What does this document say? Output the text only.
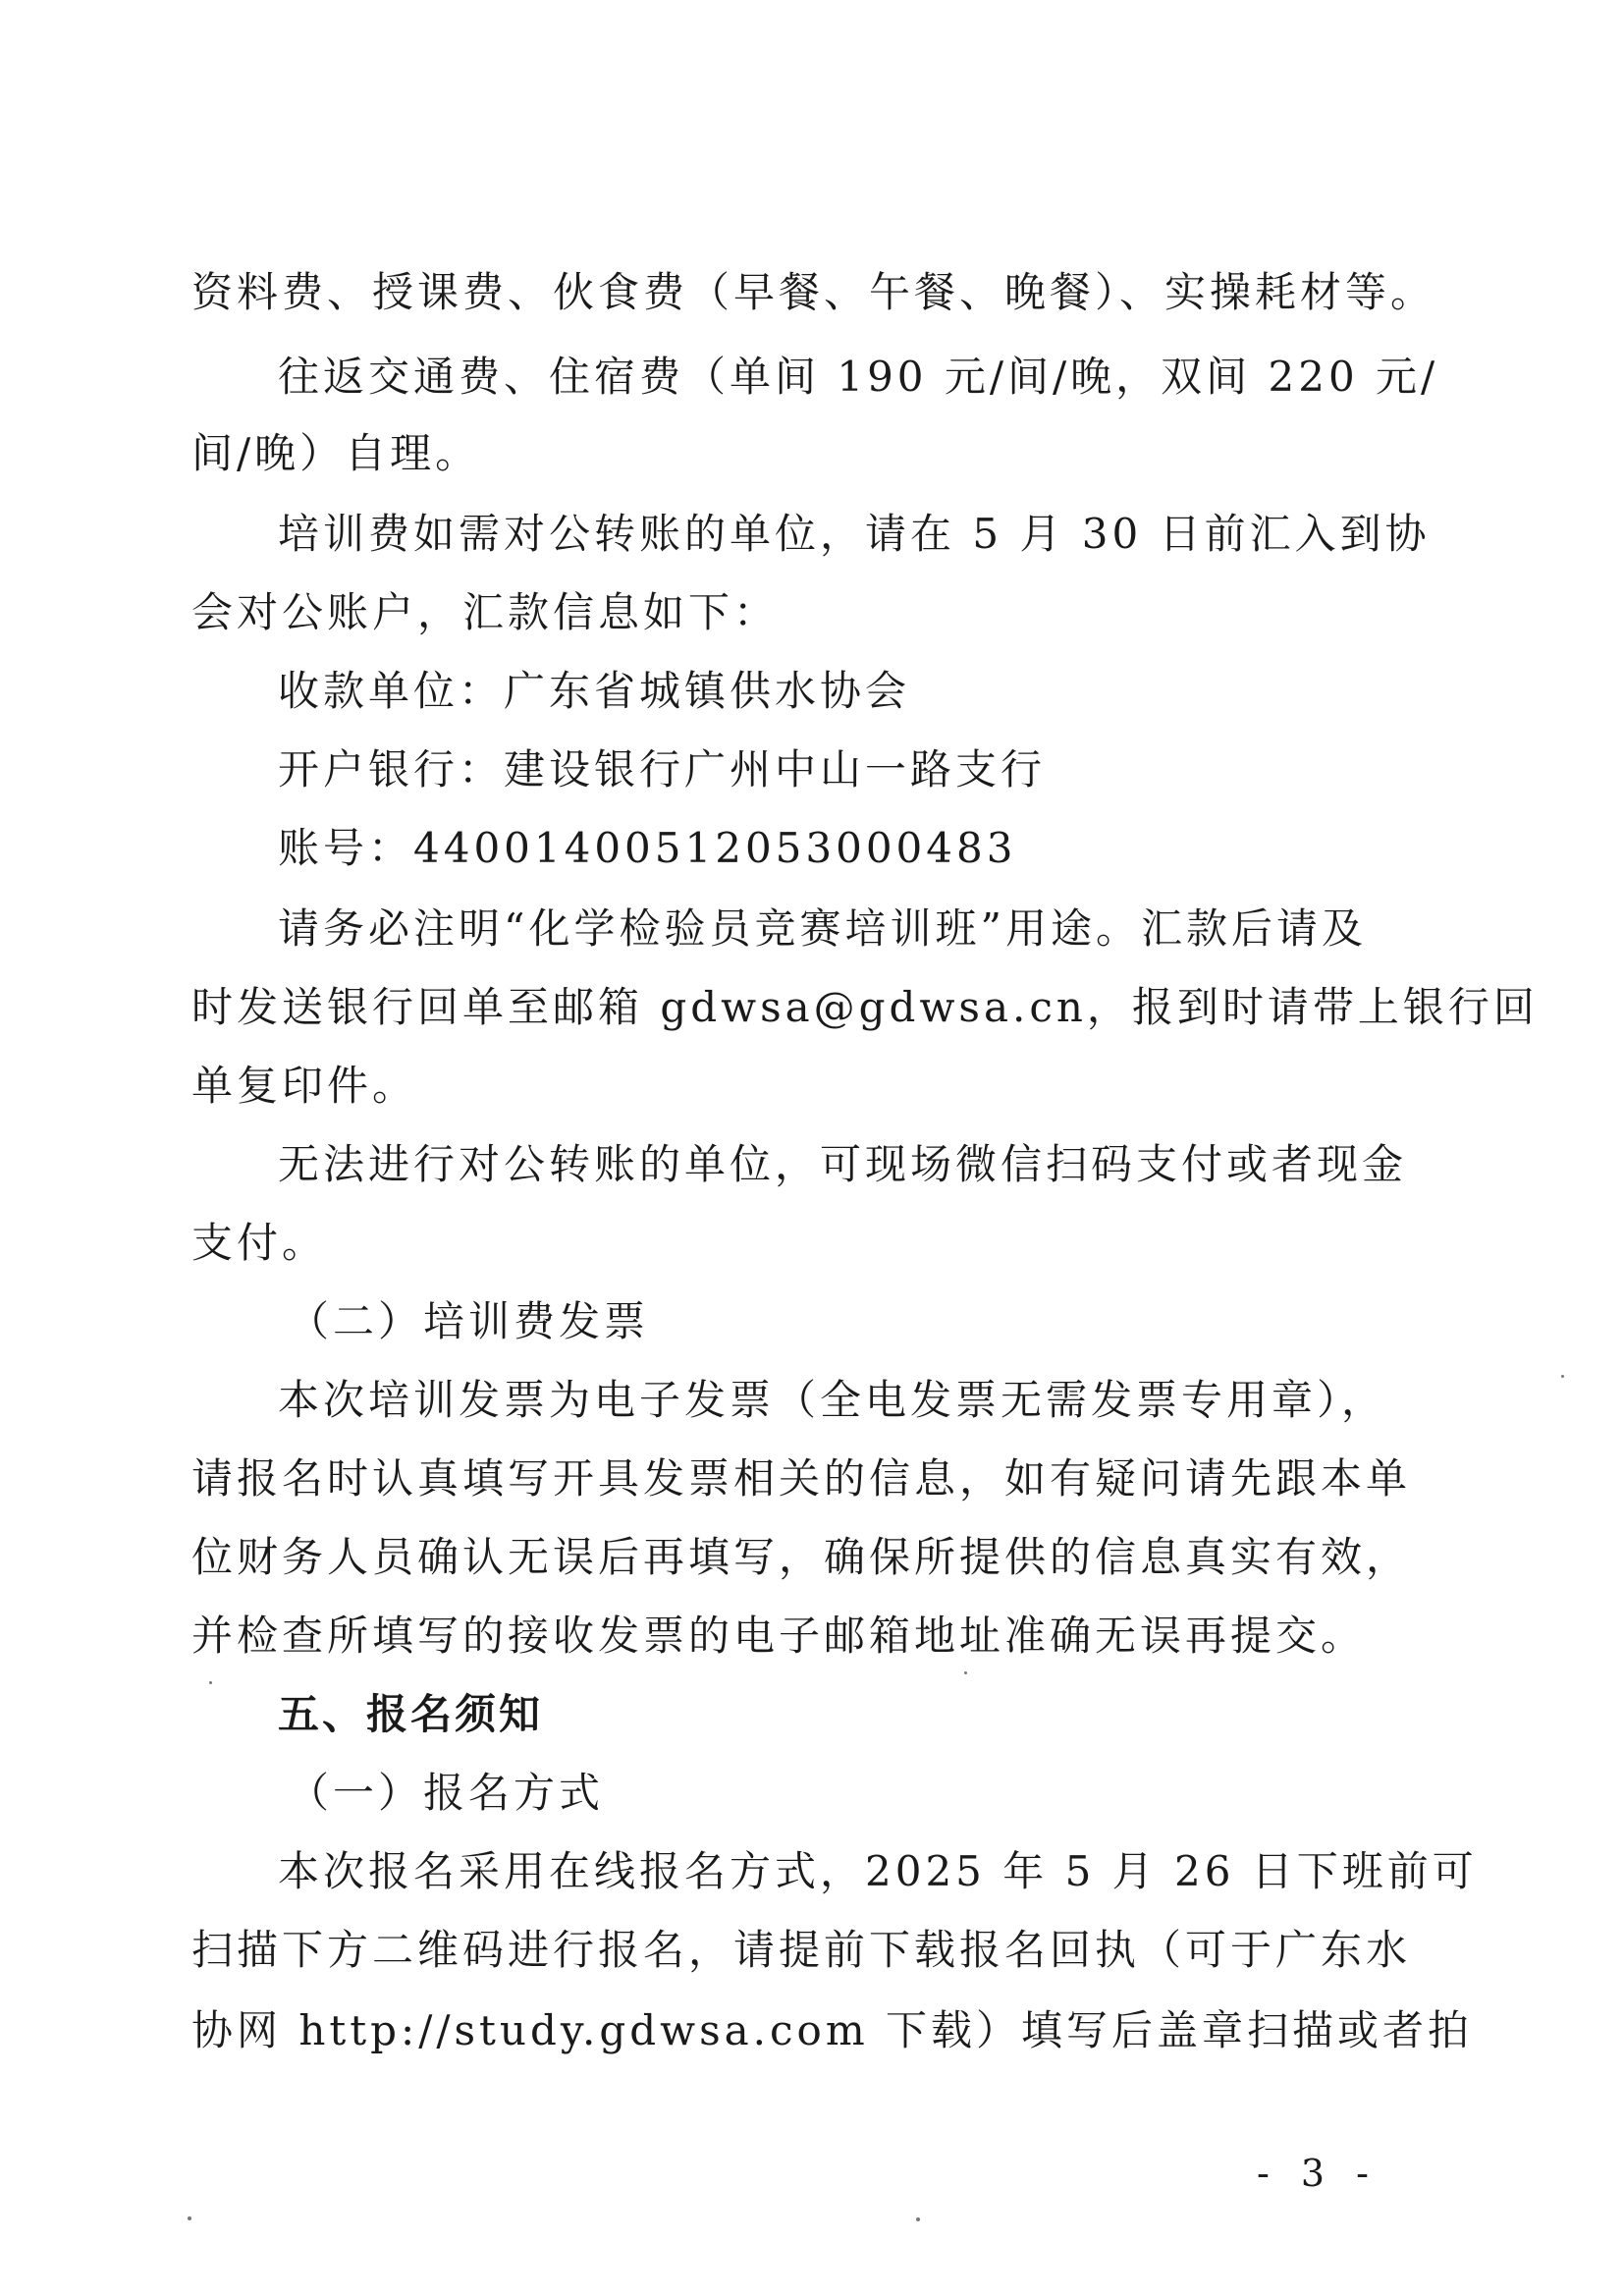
资料费、授课费、伙食费（早餐、午餐、晚餐）、实操耗材等。
往返交通费、住宿费（单间 190 元/间/晚，双间 220 元/
间/晚）自理。
培训费如需对公转账的单位，请在 5 月 30 日前汇入到协
会对公账户，汇款信息如下：
收款单位：广东省城镇供水协会
开户银行：建设银行广州中山一路支行
账号：44001400512053000483
请务必注明“化学检验员竞赛培训班”用途。汇款后请及
时发送银行回单至邮箱 gdwsa@gdwsa.cn，报到时请带上银行回
单复印件。
无法进行对公转账的单位，可现场微信扫码支付或者现金
支付。
（二）培训费发票
本次培训发票为电子发票（全电发票无需发票专用章），
请报名时认真填写开具发票相关的信息，如有疑问请先跟本单
位财务人员确认无误后再填写，确保所提供的信息真实有效，
并检查所填写的接收发票的电子邮箱地址准确无误再提交。
五、报名须知
（一）报名方式
本次报名采用在线报名方式，2025 年 5 月 26 日下班前可
扫描下方二维码进行报名，请提前下载报名回执（可于广东水
协网 http://study.gdwsa.com 下载）填写后盖章扫描或者拍
- 3 -
